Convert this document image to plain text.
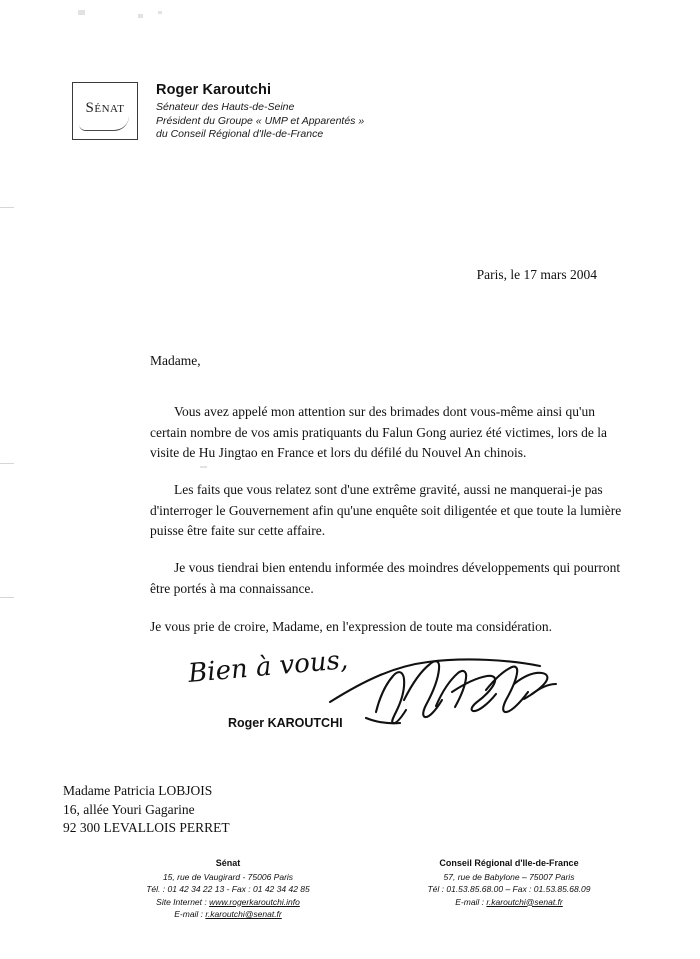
Sénat
Roger Karoutchi
Sénateur des Hauts-de-Seine
Président du Groupe « UMP et Apparentés »
du Conseil Régional d'Ile-de-France
Paris, le 17 mars 2004
Madame,
Vous avez appelé mon attention sur des brimades dont vous-même ainsi qu'un certain nombre de vos amis pratiquants du Falun Gong auriez été victimes, lors de la visite de Hu Jingtao en France et lors du défilé du Nouvel An chinois.
Les faits que vous relatez sont d'une extrême gravité, aussi ne manquerai-je pas d'interroger le Gouvernement afin qu'une enquête soit diligentée et que toute la lumière puisse être faite sur cette affaire.
Je vous tiendrai bien entendu informée des moindres développements qui pourront être portés à ma connaissance.
Je vous prie de croire, Madame, en l'expression de toute ma considération.
Bien à vous,
Roger KAROUTCHI
Madame Patricia LOBJOIS
16, allée Youri Gagarine
92 300 LEVALLOIS PERRET
Sénat
15, rue de Vaugirard - 75006 Paris
Tél. : 01 42 34 22 13 - Fax : 01 42 34 42 85
Site Internet : www.rogerkaroutchi.info
E-mail : r.karoutchi@senat.fr
Conseil Régional d'Ile-de-France
57, rue de Babylone – 75007 Paris
Tél : 01.53.85.68.00 – Fax : 01.53.85.68.09
E-mail : r.karoutchi@senat.fr
